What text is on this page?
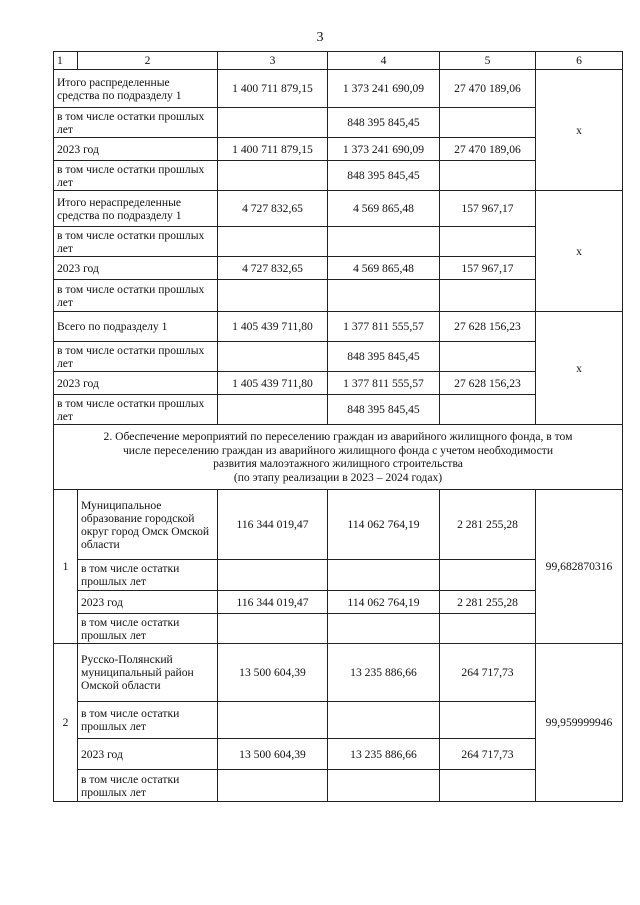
3
1	2	3	4	5	6
Итого распределенные средства по подразделу 1		1 400 711 879,15	1 373 241 690,09	27 470 189,06	х
в том числе остатки прошлых лет			848 395 845,45		
2023 год		1 400 711 879,15	1 373 241 690,09	27 470 189,06	
в том числе остатки прошлых лет			848 395 845,45		
Итого нераспределенные средства по подразделу 1		4 727 832,65	4 569 865,48	157 967,17	х
в том числе остатки прошлых лет					
2023 год		4 727 832,65	4 569 865,48	157 967,17	
в том числе остатки прошлых лет					
Всего по подразделу 1		1 405 439 711,80	1 377 811 555,57	27 628 156,23	х
в том числе остатки прошлых лет			848 395 845,45		
2023 год		1 405 439 711,80	1 377 811 555,57	27 628 156,23	
в том числе остатки прошлых лет			848 395 845,45		

2. Обеспечение мероприятий по переселению граждан из аварийного жилищного фонда, в том
числе переселению граждан из аварийного жилищного фонда с учетом необходимости
развития малоэтажного жилищного строительства
(по этапу реализации в 2023 – 2024 годах)					

1	Муниципальное образование городской округ город Омск Омской области	116 344 019,47	114 062 764,19	2 281 255,28	99,682870316
	в том числе остатки прошлых лет				
	2023 год	116 344 019,47	114 062 764,19	2 281 255,28	
	в том числе остатки прошлых лет				
2	Русско-Полянский муниципальный район Омской области	13 500 604,39	13 235 886,66	264 717,73	99,959999946
	в том числе остатки прошлых лет				
	2023 год	13 500 604,39	13 235 886,66	264 717,73	
	в том числе остатки прошлых лет				
